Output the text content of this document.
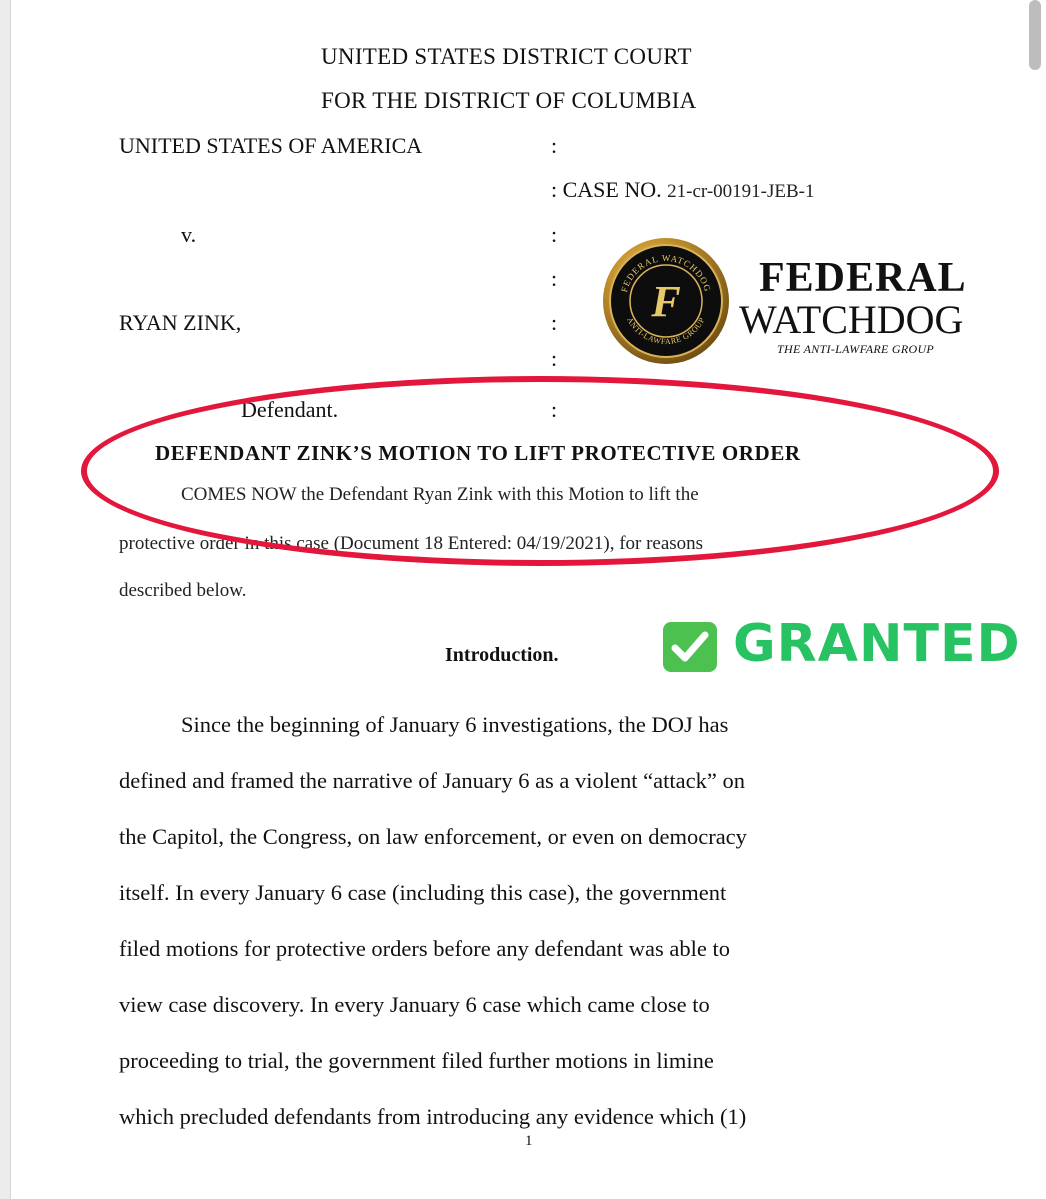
UNITED STATES DISTRICT COURT
FOR THE DISTRICT OF COLUMBIA
UNITED STATES OF AMERICA	:
: CASE NO. 21-cr-00191-JEB-1
v.	:
:
RYAN ZINK,	:
:
Defendant.	:
FEDERAL WATCHDOG
ANTI-LAWFARE GROUP
F FEDERAL
WATCHDOG
THE ANTI-LAWFARE GROUP
DEFENDANT ZINK’S MOTION TO LIFT PROTECTIVE ORDER
COMES NOW the Defendant Ryan Zink with this Motion to lift the
protective order in this case (Document 18 Entered: 04/19/2021), for reasons
described below.
Introduction.	GRANTED
Since the beginning of January 6 investigations, the DOJ has
defined and framed the narrative of January 6 as a violent “attack” on
the Capitol, the Congress, on law enforcement, or even on democracy
itself. In every January 6 case (including this case), the government
filed motions for protective orders before any defendant was able to
view case discovery. In every January 6 case which came close to
proceeding to trial, the government filed further motions in limine
which precluded defendants from introducing any evidence which (1)
1
